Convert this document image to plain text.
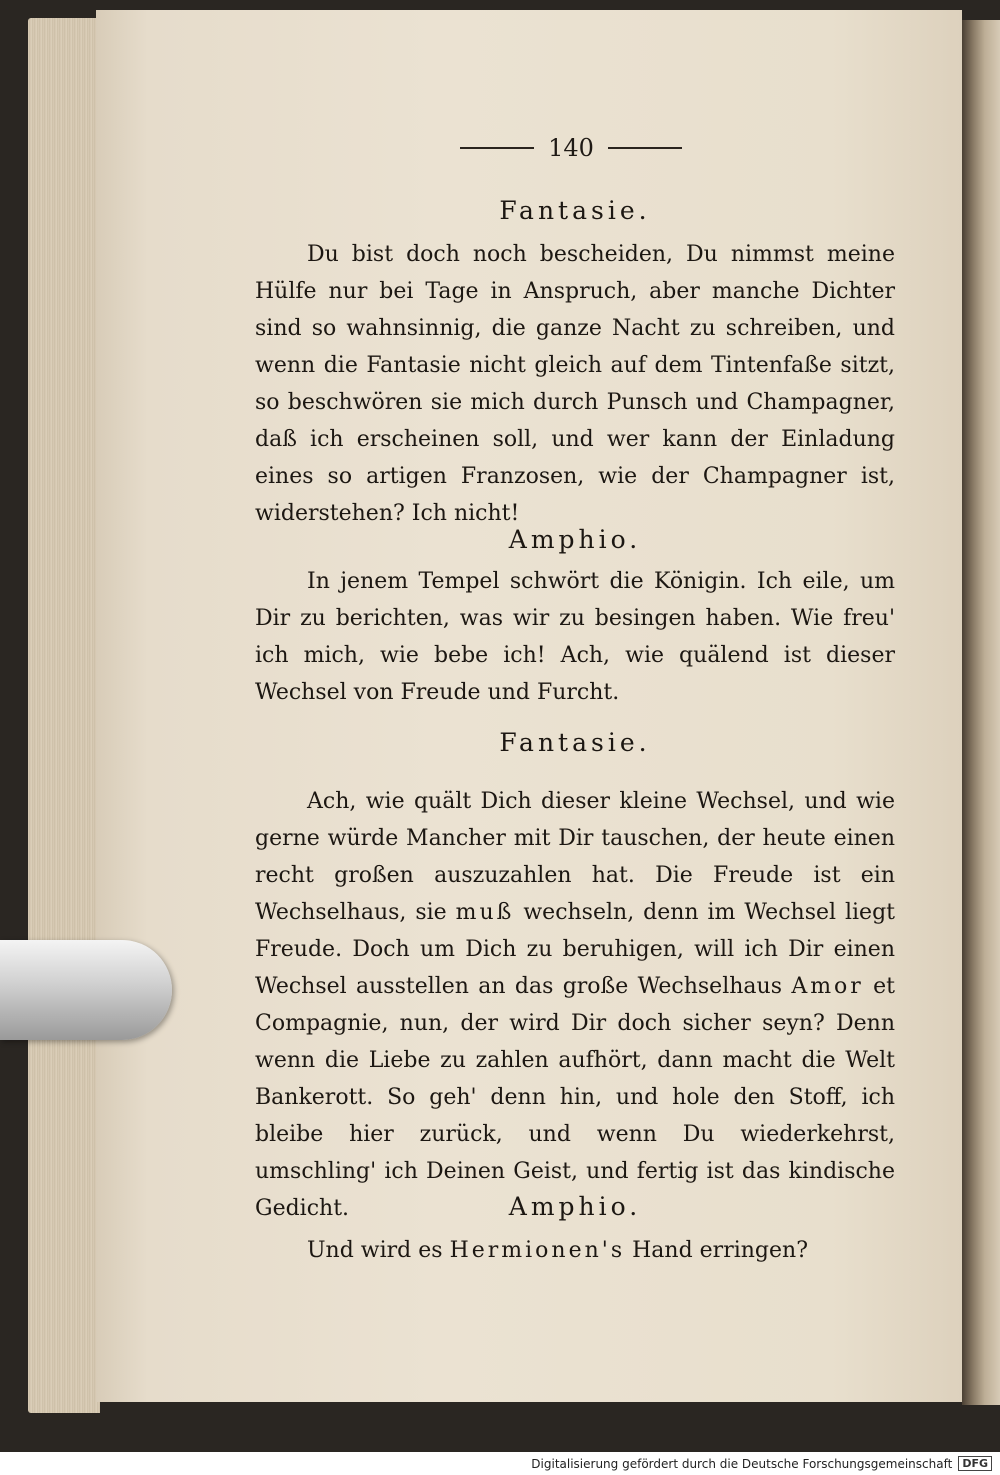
140
Fantasie.
Du bist doch noch bescheiden, Du nimmst meine Hülfe nur bei Tage in Anspruch, aber manche Dichter sind so wahnsinnig, die ganze Nacht zu schreiben, und wenn die Fantasie nicht gleich auf dem Tintenfaße sitzt, so beschwören sie mich durch Punsch und Champagner, daß ich erscheinen soll, und wer kann der Einladung eines so artigen Franzosen, wie der Champagner ist, widerstehen? Ich nicht!
Amphio.
In jenem Tempel schwört die Königin. Ich eile, um Dir zu berichten, was wir zu besingen haben. Wie freu' ich mich, wie bebe ich! Ach, wie quälend ist dieser Wechsel von Freude und Furcht.
Fantasie.
Ach, wie quält Dich dieser kleine Wechsel, und wie gerne würde Mancher mit Dir tauschen, der heute einen recht großen auszuzahlen hat. Die Freude ist ein Wechselhaus, sie muß wechseln, denn im Wechsel liegt Freude. Doch um Dich zu beruhigen, will ich Dir einen Wechsel ausstellen an das große Wechselhaus Amor et Compagnie, nun, der wird Dir doch sicher seyn? Denn wenn die Liebe zu zahlen aufhört, dann macht die Welt Bankerott. So geh' denn hin, und hole den Stoff, ich bleibe hier zurück, und wenn Du wiederkehrst, umschling' ich Deinen Geist, und fertig ist das kindische Gedicht.	Amphio.
Und wird es Hermionen's Hand erringen?
Digitalisierung gefördert durch die Deutsche Forschungsgemeinschaft DFG
